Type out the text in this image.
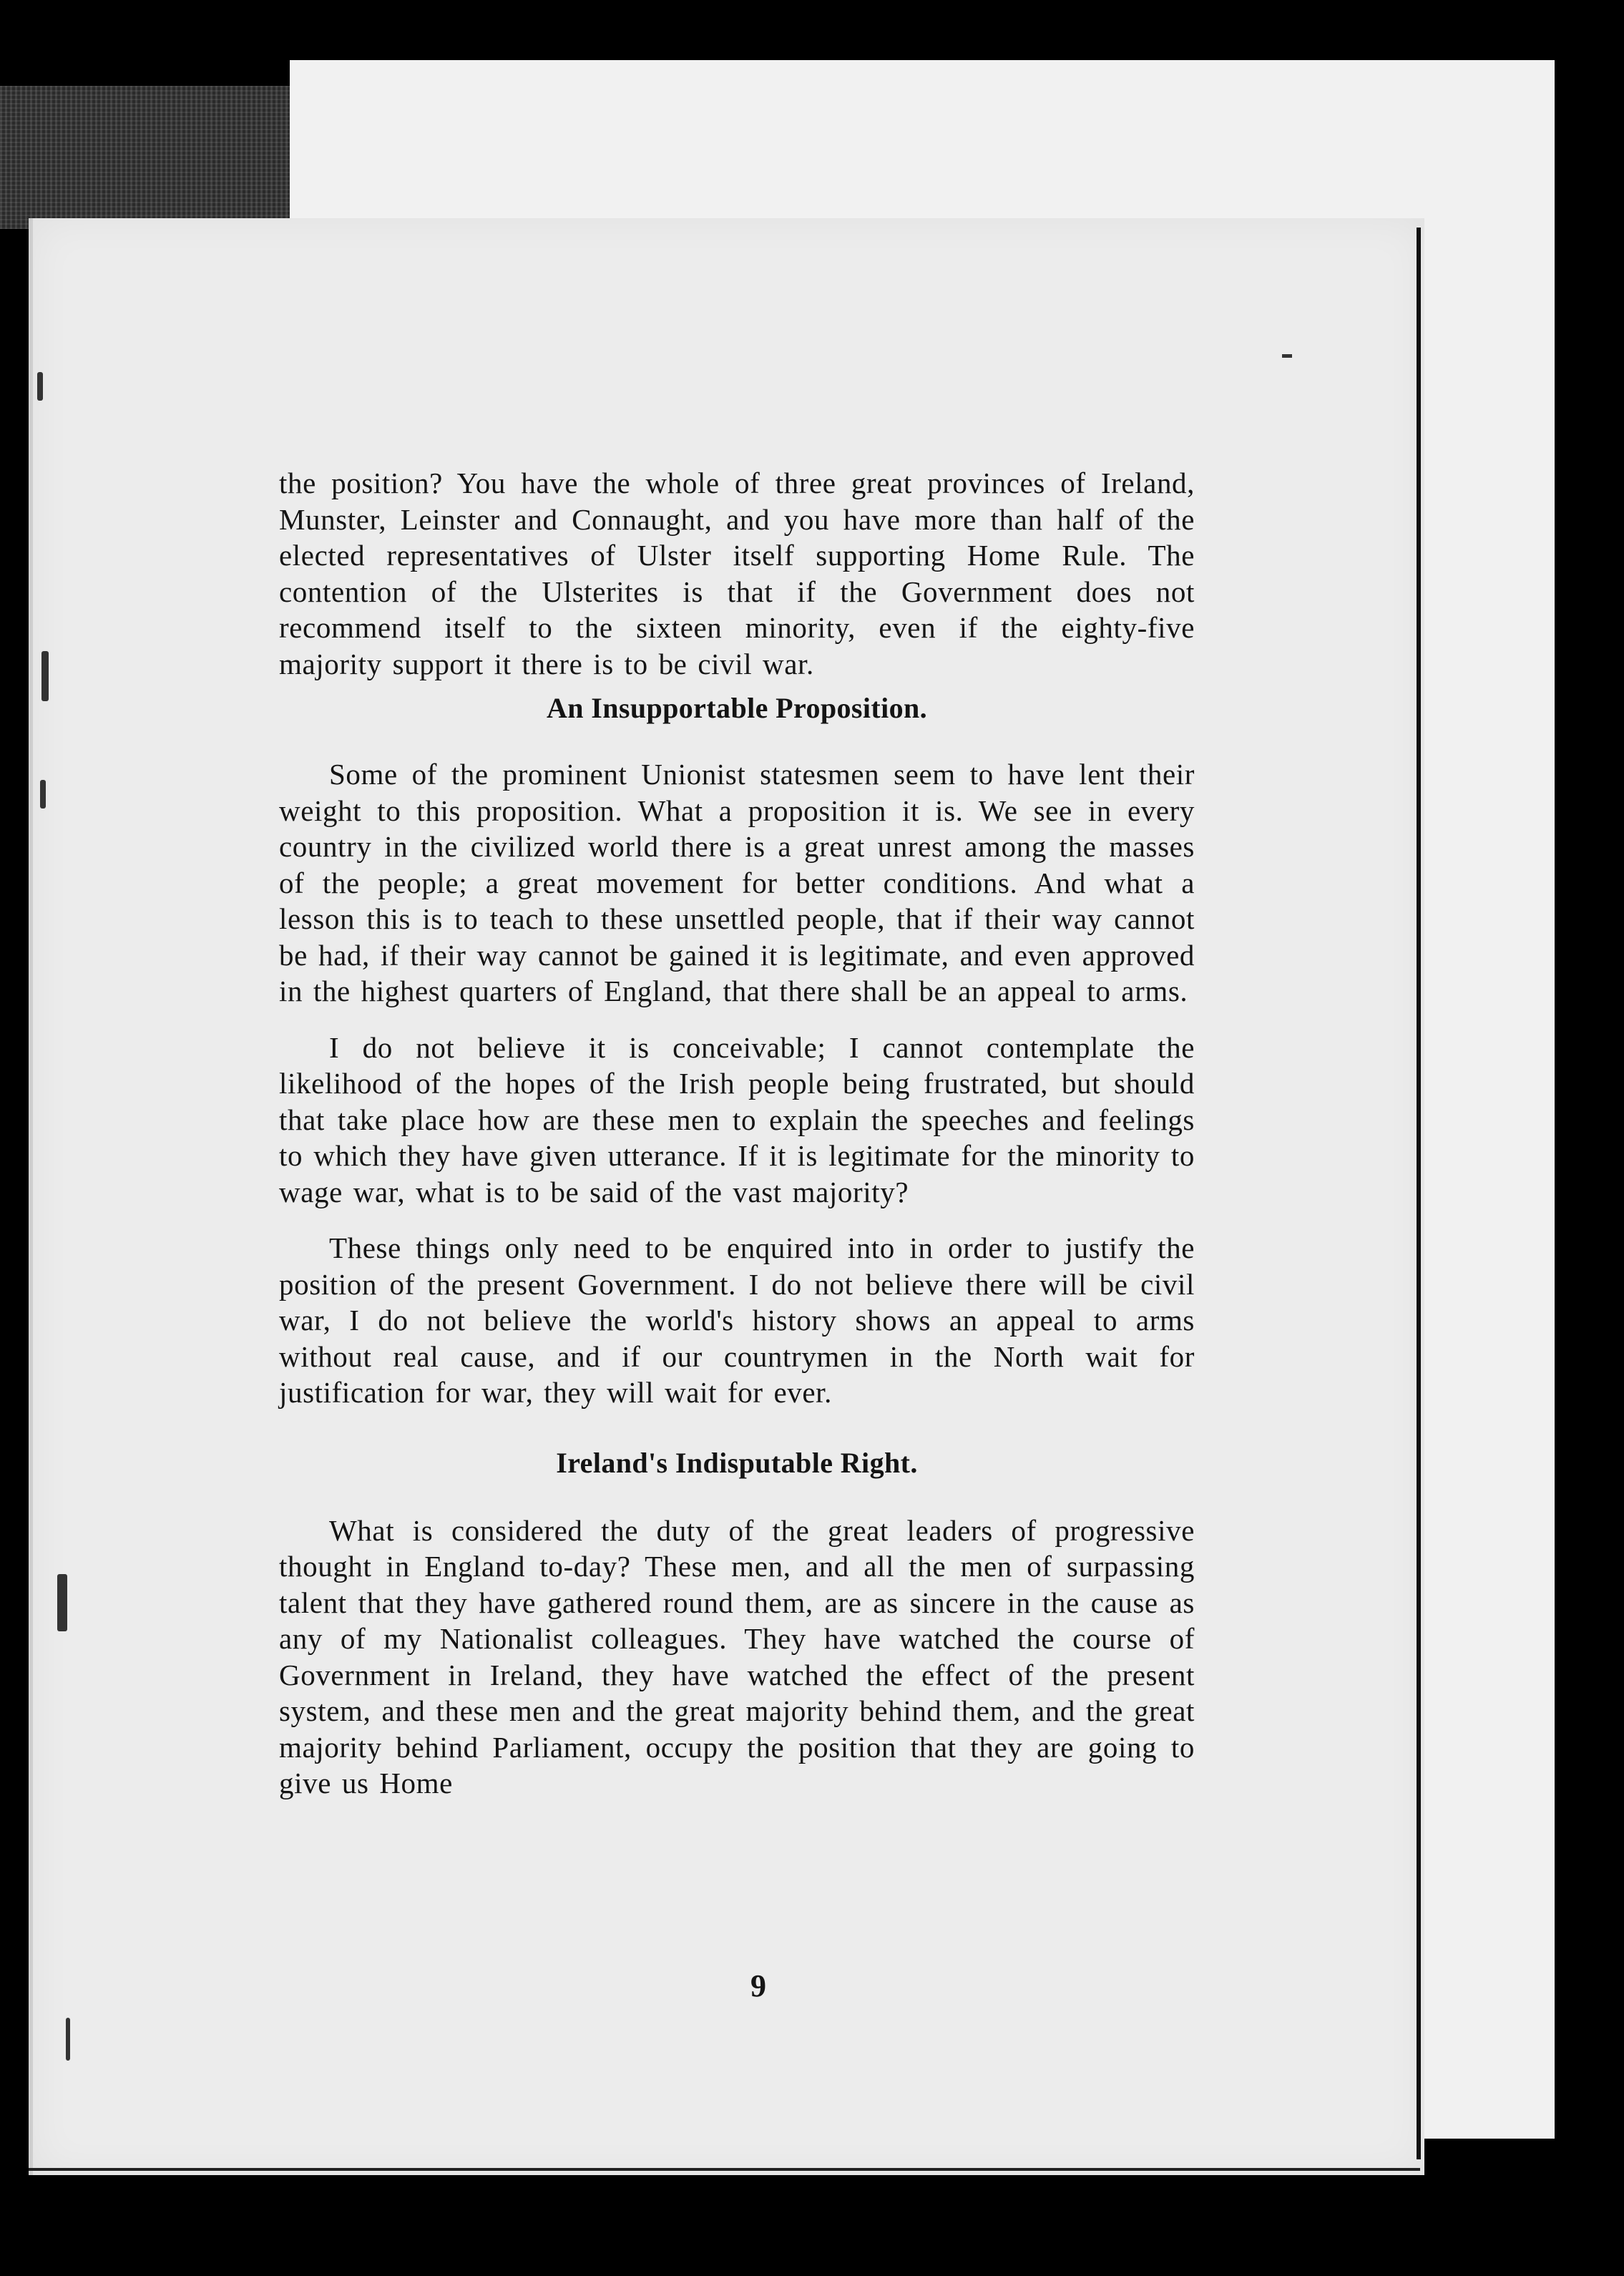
the position? You have the whole of three great provinces of Ireland, Munster, Leinster and Connaught, and you have more than half of the elected representatives of Ulster itself supporting Home Rule. The contention of the Ulsterites is that if the Government does not recommend itself to the sixteen minority, even if the eighty-five majority support it there is to be civil war.

An Insupportable Proposition.

Some of the prominent Unionist statesmen seem to have lent their weight to this proposition. What a proposition it is. We see in every country in the civilized world there is a great unrest among the masses of the people; a great movement for better conditions. And what a lesson this is to teach to these unsettled people, that if their way cannot be had, if their way cannot be gained it is legitimate, and even approved in the highest quarters of England, that there shall be an appeal to arms.

I do not believe it is conceivable; I cannot contemplate the likelihood of the hopes of the Irish people being frustrated, but should that take place how are these men to explain the speeches and feelings to which they have given utterance. If it is legitimate for the minority to wage war, what is to be said of the vast majority?

These things only need to be enquired into in order to justify the position of the present Government. I do not believe there will be civil war, I do not believe the world's history shows an appeal to arms without real cause, and if our countrymen in the North wait for justification for war, they will wait for ever.

Ireland's Indisputable Right.

What is considered the duty of the great leaders of progressive thought in England to-day? These men, and all the men of surpassing talent that they have gathered round them, are as sincere in the cause as any of my Nationalist colleagues. They have watched the course of Government in Ireland, they have watched the effect of the present system, and these men and the great majority behind them, and the great majority behind Parliament, occupy the position that they are going to give us Home

9
